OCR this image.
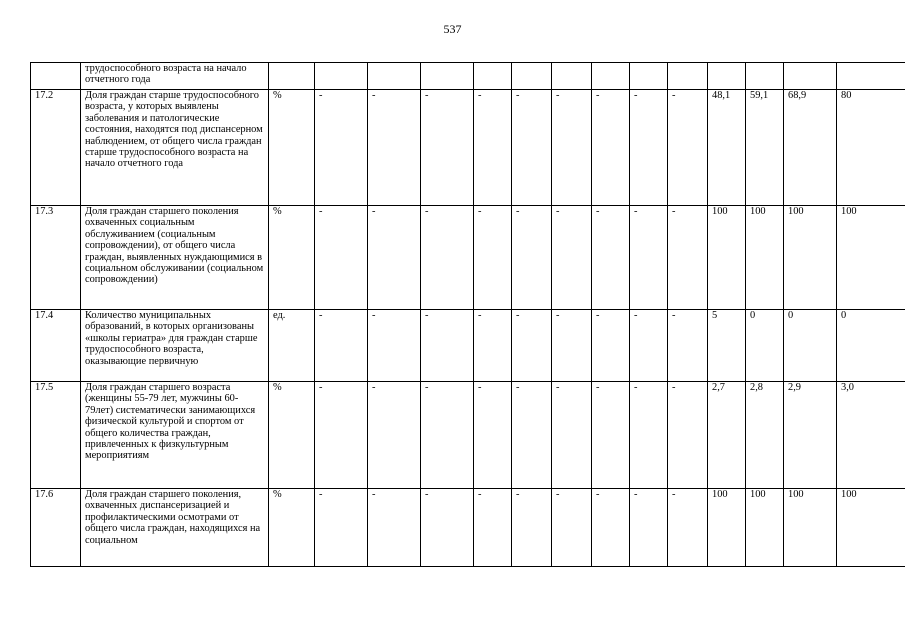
537
	трудоспособного возраста на начало отчетного года															
17.2	Доля граждан старше трудоспособного возраста, у которых выявлены заболевания и патологические состояния, находятся под диспансерном наблюдением, от общего числа граждан старше трудоспособного возраста на начало отчетного года	%	-	-	-	-	-	-	-	-	-	48,1	59,1	68,9	80	
17.3	Доля граждан старшего поколения охваченных социальным обслуживанием (социальным сопровождении), от общего числа граждан, выявленных нуждающимися в социальном обслуживании (социальном сопровождении)	%	-	-	-	-	-	-	-	-	-	100	100	100	100	
17.4	Количество муниципальных образований, в которых организованы «школы гериатра» для граждан старше трудоспособного возраста, оказывающие первичную	ед.	-	-	-	-	-	-	-	-	-	5	0	0	0	
17.5	Доля граждан старшего возраста (женщины 55-79 лет, мужчины 60-79лет) систематически занимающихся физической культурой и спортом от общего количества граждан, привлеченных к физкультурным мероприятиям	%	-	-	-	-	-	-	-	-	-	2,7	2,8	2,9	3,0	
17.6	Доля граждан старшего поколения, охваченных диспансеризацией и профилактическими осмотрами от общего числа граждан, находящихся на социальном	%	-	-	-	-	-	-	-	-	-	100	100	100	100	
